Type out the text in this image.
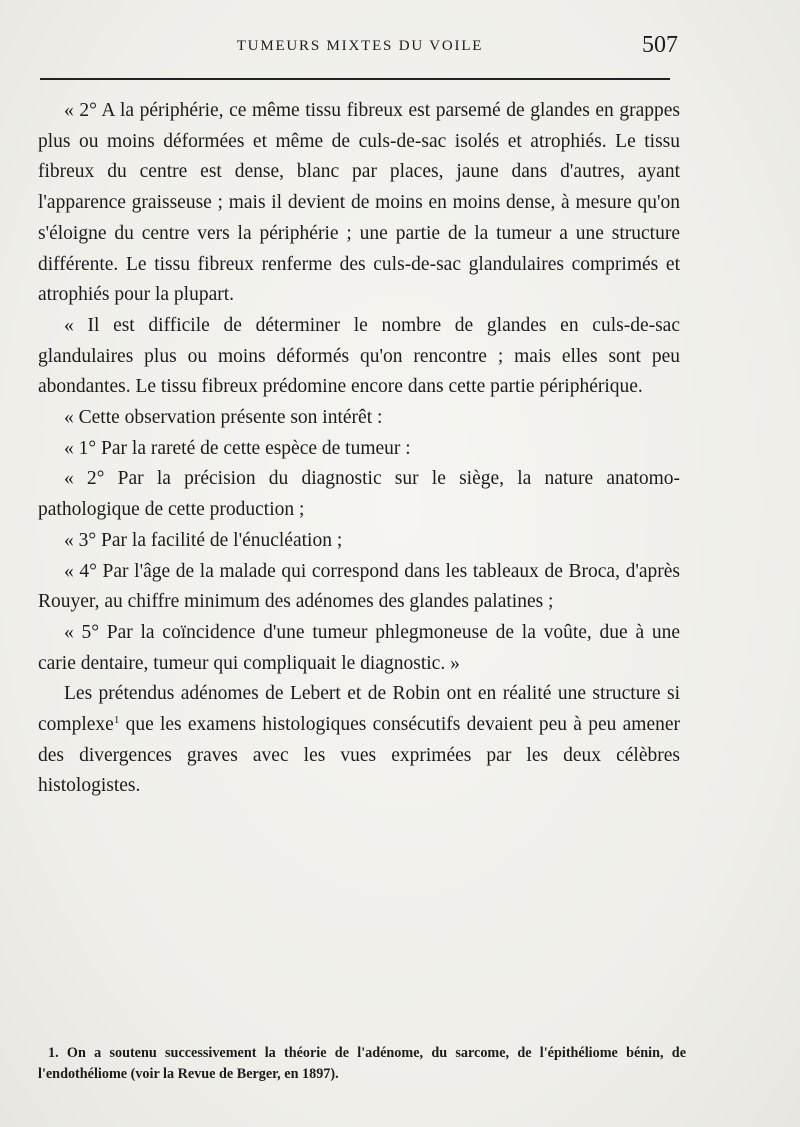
TUMEURS MIXTES DU VOILE	507

« 2° A la périphérie, ce même tissu fibreux est parsemé de glandes en grappes plus ou moins déformées et même de culs-de-sac isolés et atrophiés. Le tissu fibreux du centre est dense, blanc par places, jaune dans d'autres, ayant l'apparence graisseuse ; mais il devient de moins en moins dense, à mesure qu'on s'éloigne du centre vers la périphérie ; une partie de la tumeur a une structure différente. Le tissu fibreux renferme des culs-de-sac glandulaires comprimés et atrophiés pour la plupart.

« Il est difficile de déterminer le nombre de glandes en culs-de-sac glandulaires plus ou moins déformés qu'on rencontre ; mais elles sont peu abondantes. Le tissu fibreux prédomine encore dans cette partie périphérique.

« Cette observation présente son intérêt :

« 1° Par la rareté de cette espèce de tumeur :

« 2° Par la précision du diagnostic sur le siège, la nature anatomo-pathologique de cette production ;

« 3° Par la facilité de l'énucléation ;

« 4° Par l'âge de la malade qui correspond dans les tableaux de Broca, d'après Rouyer, au chiffre minimum des adénomes des glandes palatines ;

« 5° Par la coïncidence d'une tumeur phlegmoneuse de la voûte, due à une carie dentaire, tumeur qui compliquait le diagnostic. »

Les prétendus adénomes de Lebert et de Robin ont en réalité une structure si complexe$^1$ que les examens histologiques consécutifs devaient peu à peu amener des divergences graves avec les vues exprimées par les deux célèbres histologistes.

1. On a soutenu successivement la théorie de l'adénome, du sarcome, de l'épithéliome bénin, de l'endothéliome (voir la Revue de Berger, en 1897).
